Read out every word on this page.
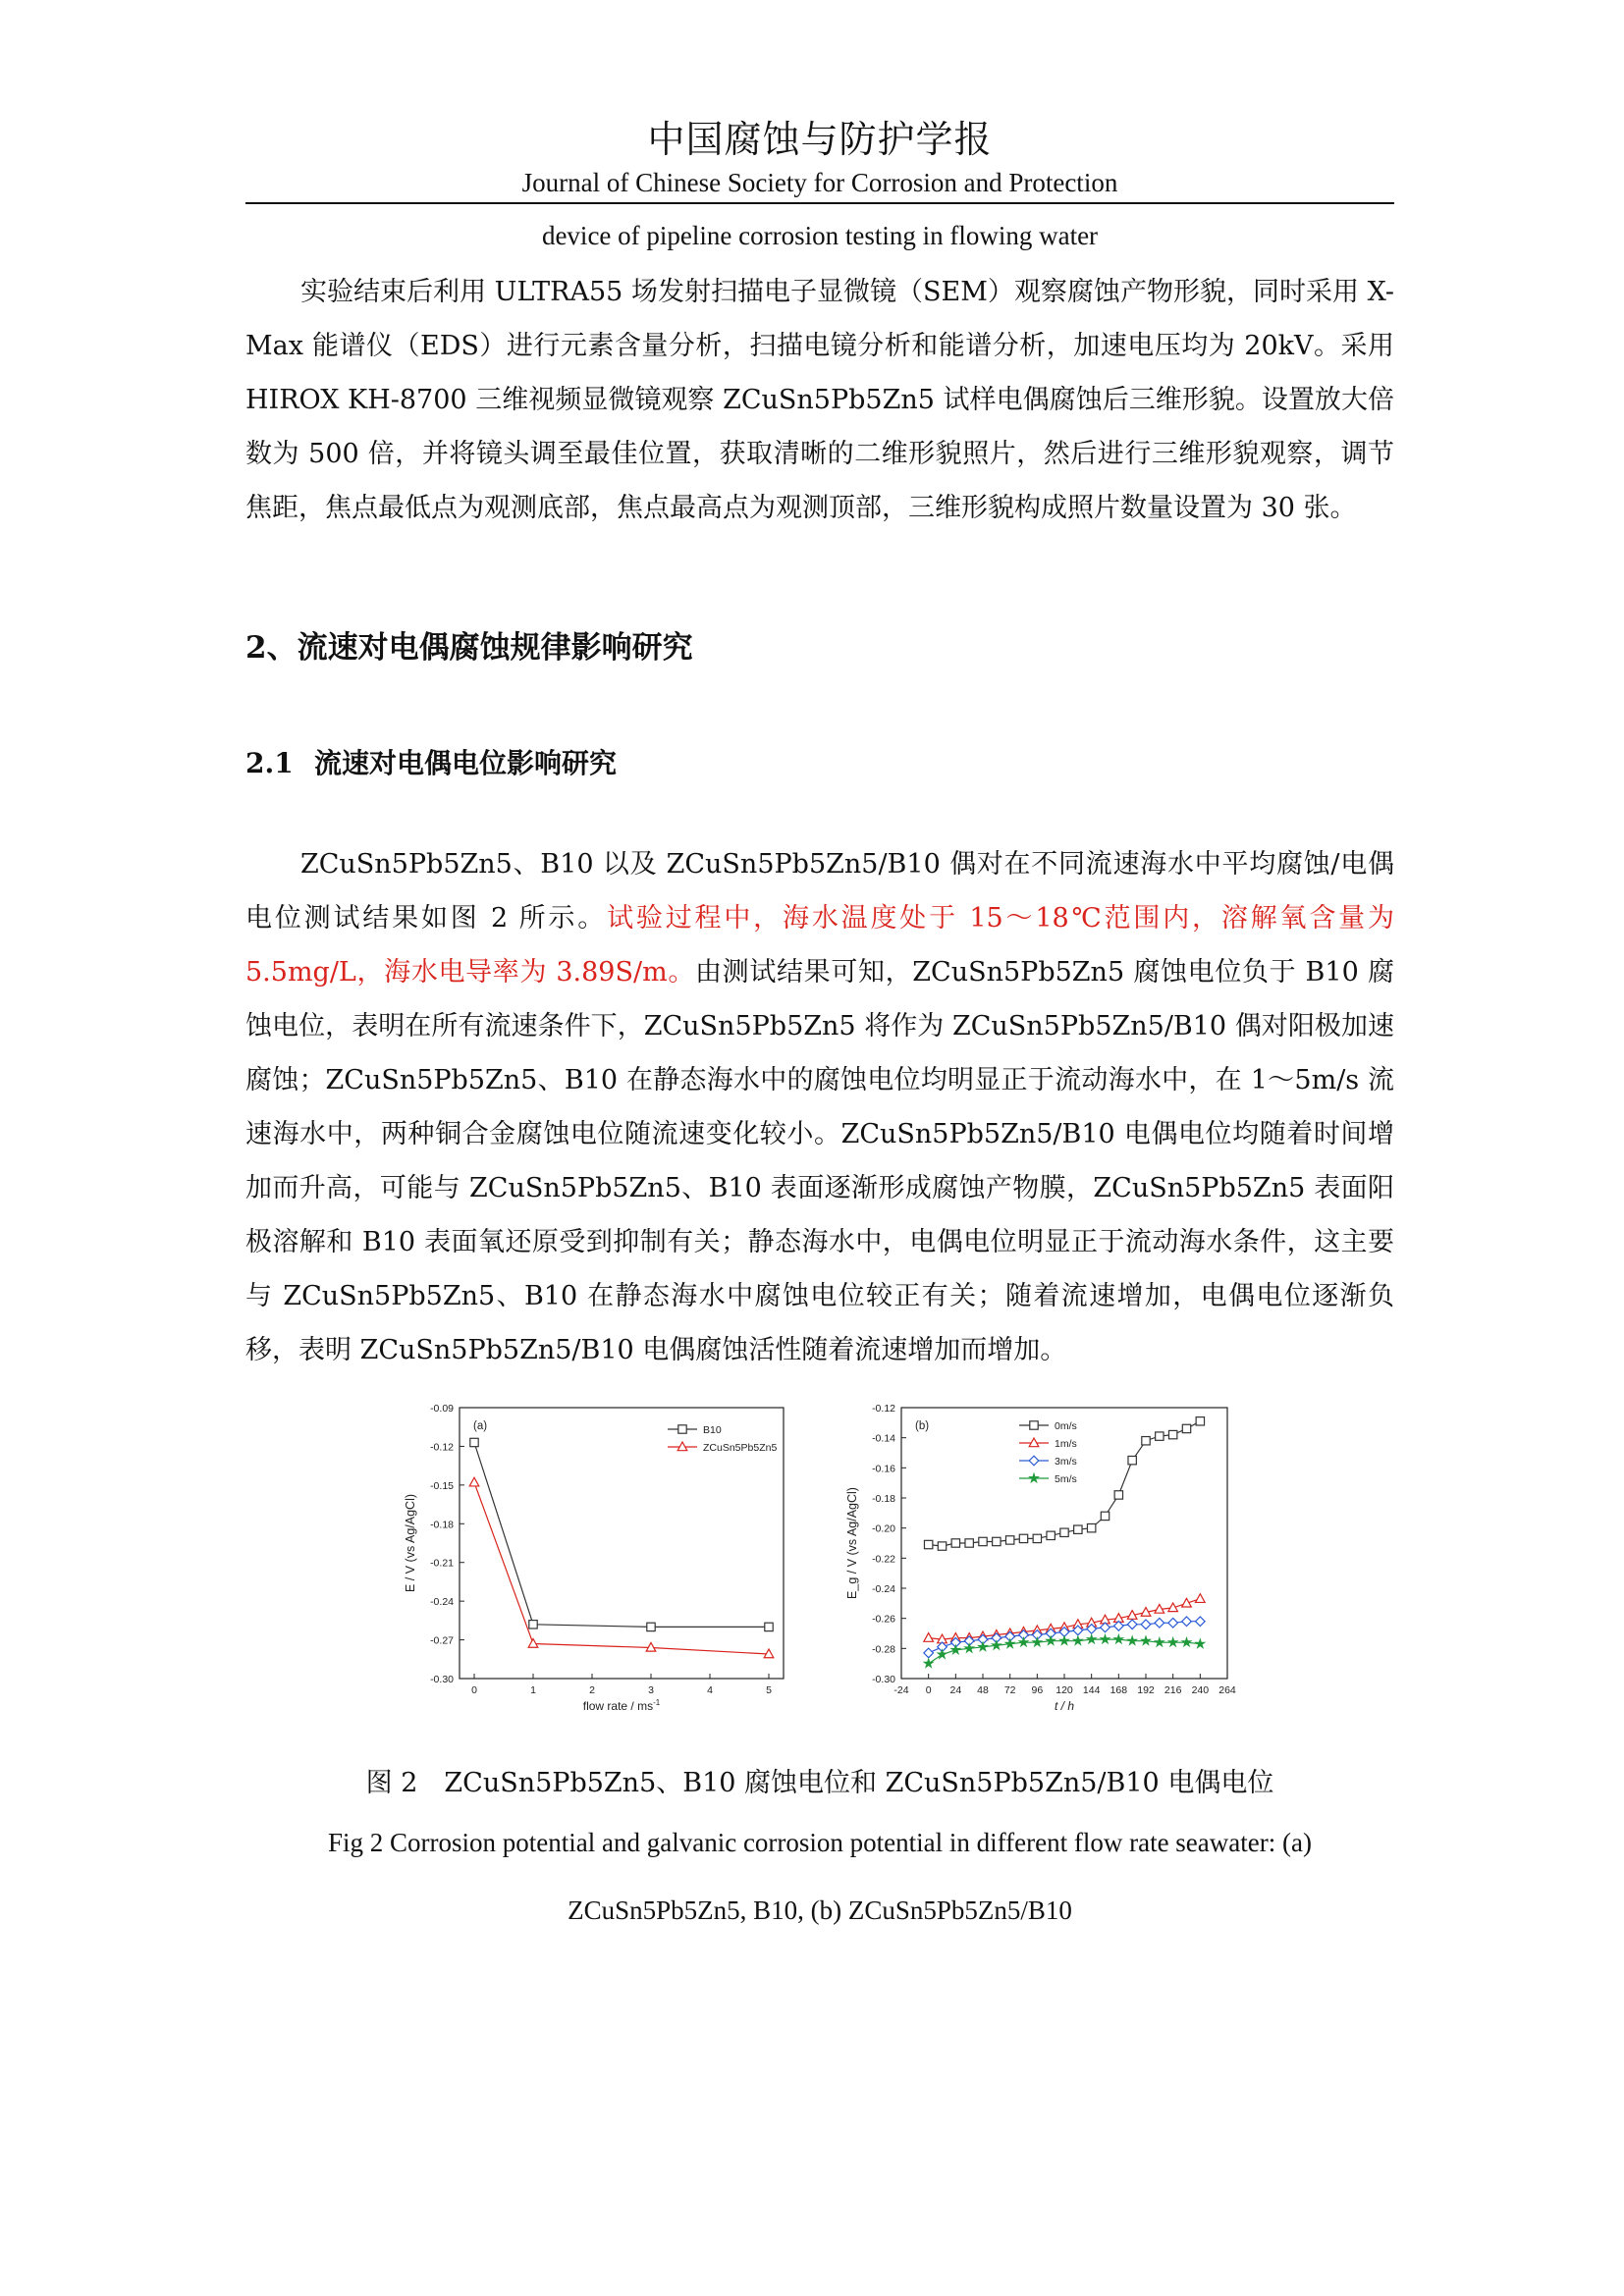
中国腐蚀与防护学报
Journal of Chinese Society for Corrosion and Protection
device of pipeline corrosion testing in flowing water

实验结束后利用 ULTRA55 场发射扫描电子显微镜（SEM）观察腐蚀产物形貌，同时采用 X-Max 能谱仪（EDS）进行元素含量分析，扫描电镜分析和能谱分析，加速电压均为 20kV。采用 HIROX KH-8700 三维视频显微镜观察 ZCuSn5Pb5Zn5 试样电偶腐蚀后三维形貌。设置放大倍数为 500 倍，并将镜头调至最佳位置，获取清晰的二维形貌照片，然后进行三维形貌观察，调节焦距，焦点最低点为观测底部，焦点最高点为观测顶部，三维形貌构成照片数量设置为 30 张。

2、流速对电偶腐蚀规律影响研究
2.1 流速对电偶电位影响研究

ZCuSn5Pb5Zn5、B10 以及 ZCuSn5Pb5Zn5/B10 偶对在不同流速海水中平均腐蚀/电偶电位测试结果如图 2 所示。试验过程中，海水温度处于 15～18℃范围内，溶解氧含量为 5.5mg/L，海水电导率为 3.89S/m。由测试结果可知，ZCuSn5Pb5Zn5 腐蚀电位负于 B10 腐蚀电位，表明在所有流速条件下，ZCuSn5Pb5Zn5 将作为 ZCuSn5Pb5Zn5/B10 偶对阳极加速腐蚀；ZCuSn5Pb5Zn5、B10 在静态海水中的腐蚀电位均明显正于流动海水中，在 1～5m/s 流速海水中，两种铜合金腐蚀电位随流速变化较小。ZCuSn5Pb5Zn5/B10 电偶电位均随着时间增加而升高，可能与 ZCuSn5Pb5Zn5、B10 表面逐渐形成腐蚀产物膜，ZCuSn5Pb5Zn5 表面阳极溶解和 B10 表面氧还原受到抑制有关；静态海水中，电偶电位明显正于流动海水条件，这主要与 ZCuSn5Pb5Zn5、B10 在静态海水中腐蚀电位较正有关；随着流速增加，电偶电位逐渐负移，表明 ZCuSn5Pb5Zn5/B10 电偶腐蚀活性随着流速增加而增加。

-0.30
-0.27
-0.24
-0.21
-0.18
-0.15
-0.12
-0.09
0	1	2	3	4	5
flow rate / $ms^{-1}$
E / V (vs Ag/AgCl)
(a)	B10
ZCuSn5Pb5Zn5
-0.30
-0.28
-0.26
-0.24
-0.22
-0.20
-0.18
-0.16
-0.14
-0.12
-24 0 24 48 72 96 120 144 168 192 216 240 264
t / h
E_g / V (vs Ag/AgCl)
(b)	0m/s
1m/s
3m/s
5m/s

图 2　ZCuSn5Pb5Zn5、B10 腐蚀电位和 ZCuSn5Pb5Zn5/B10 电偶电位

Fig 2 Corrosion potential and galvanic corrosion potential in different flow rate seawater: (a)

ZCuSn5Pb5Zn5, B10, (b) ZCuSn5Pb5Zn5/B10
